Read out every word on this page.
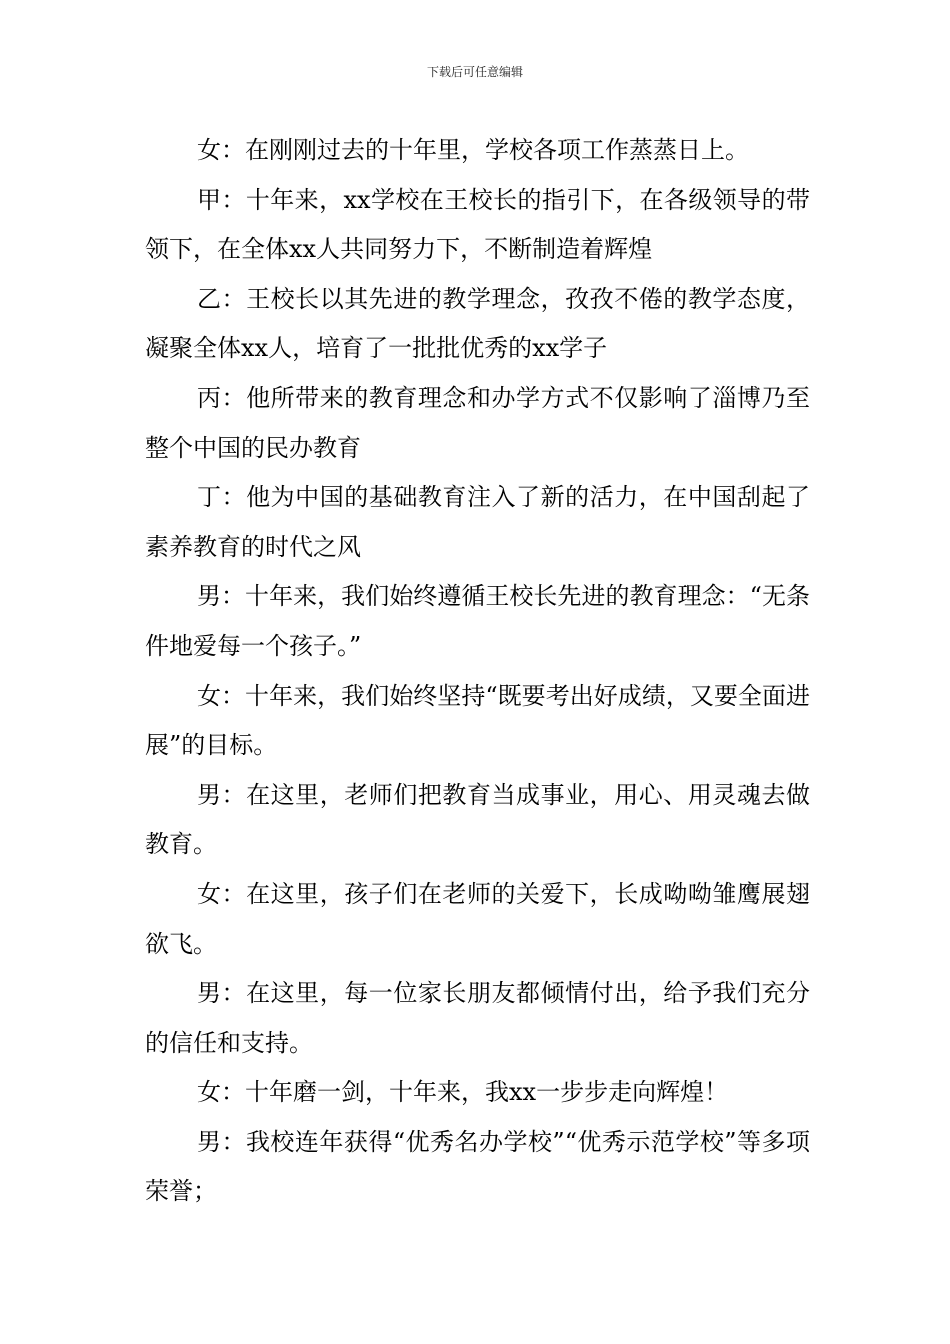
下载后可任意编辑

女：在刚刚过去的十年里，学校各项工作蒸蒸日上。

甲：十年来，xx学校在王校长的指引下，在各级领导的带领下，在全体xx人共同努力下，不断制造着辉煌

乙：王校长以其先进的教学理念，孜孜不倦的教学态度，凝聚全体xx人，培育了一批批优秀的xx学子

丙：他所带来的教育理念和办学方式不仅影响了淄博乃至整个中国的民办教育

丁：他为中国的基础教育注入了新的活力，在中国刮起了素养教育的时代之风

男：十年来，我们始终遵循王校长先进的教育理念：“无条件地爱每一个孩子。”

女：十年来，我们始终坚持“既要考出好成绩，又要全面进展”的目标。

男：在这里，老师们把教育当成事业，用心、用灵魂去做教育。

女：在这里，孩子们在老师的关爱下，长成呦呦雏鹰展翅欲飞。

男：在这里，每一位家长朋友都倾情付出，给予我们充分的信任和支持。

女：十年磨一剑，十年来，我xx一步步走向辉煌！

男：我校连年获得“优秀名办学校”“优秀示范学校”等多项荣誉；
